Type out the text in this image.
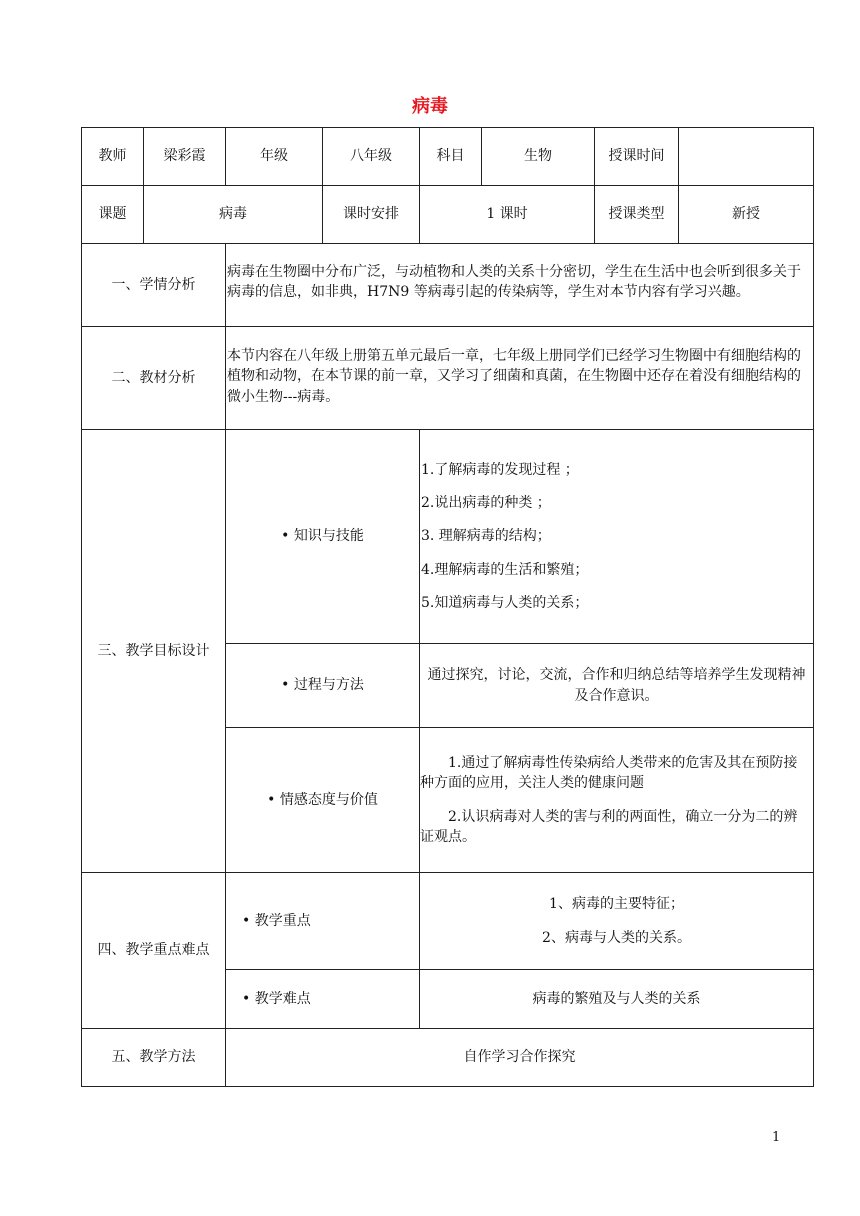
病毒
教师	梁彩霞	年级	八年级	科目	生物	授课时间	
课题	病毒		课时安排	1 课时		授课类型	新授
一、学情分析		病毒在生物圈中分布广泛，与动植物和人类的关系十分密切，学生在生活中也会听到很多关于病毒的信息，如非典，H7N9 等病毒引起的传染病等，学生对本节内容有学习兴趣。					

二、教材分析		本节内容在八年级上册第五单元最后一章，七年级上册同学们已经学习生物圈中有细胞结构的植物和动物，在本节课的前一章，又学习了细菌和真菌，在生物圈中还存在着没有细胞结构的微小生物---病毒。					

三、教学目标设计		• 知识与技能		1.了解病毒的发现过程 ；

2.说出病毒的种类 ；

3. 理解病毒的结构；

4.理解病毒的生活和繁殖；

5.知道病毒与人类的关系；			

		• 过程与方法		通过探究，讨论，交流，合作和归纳总结等培养学生发现精神及合作意识。			
		• 情感态度与价值		1.通过了解病毒性传染病给人类带来的危害及其在预防接种方面的应用，关注人类的健康问题

2.认识病毒对人类的害与利的两面性，确立一分为二的辨证观点。			

四、教学重点难点		• 教学重点		1、病毒的主要特征；

2、病毒与人类的关系。			

		• 教学难点		病毒的繁殖及与人类的关系			
五、教学方法		自作学习合作探究					
1
